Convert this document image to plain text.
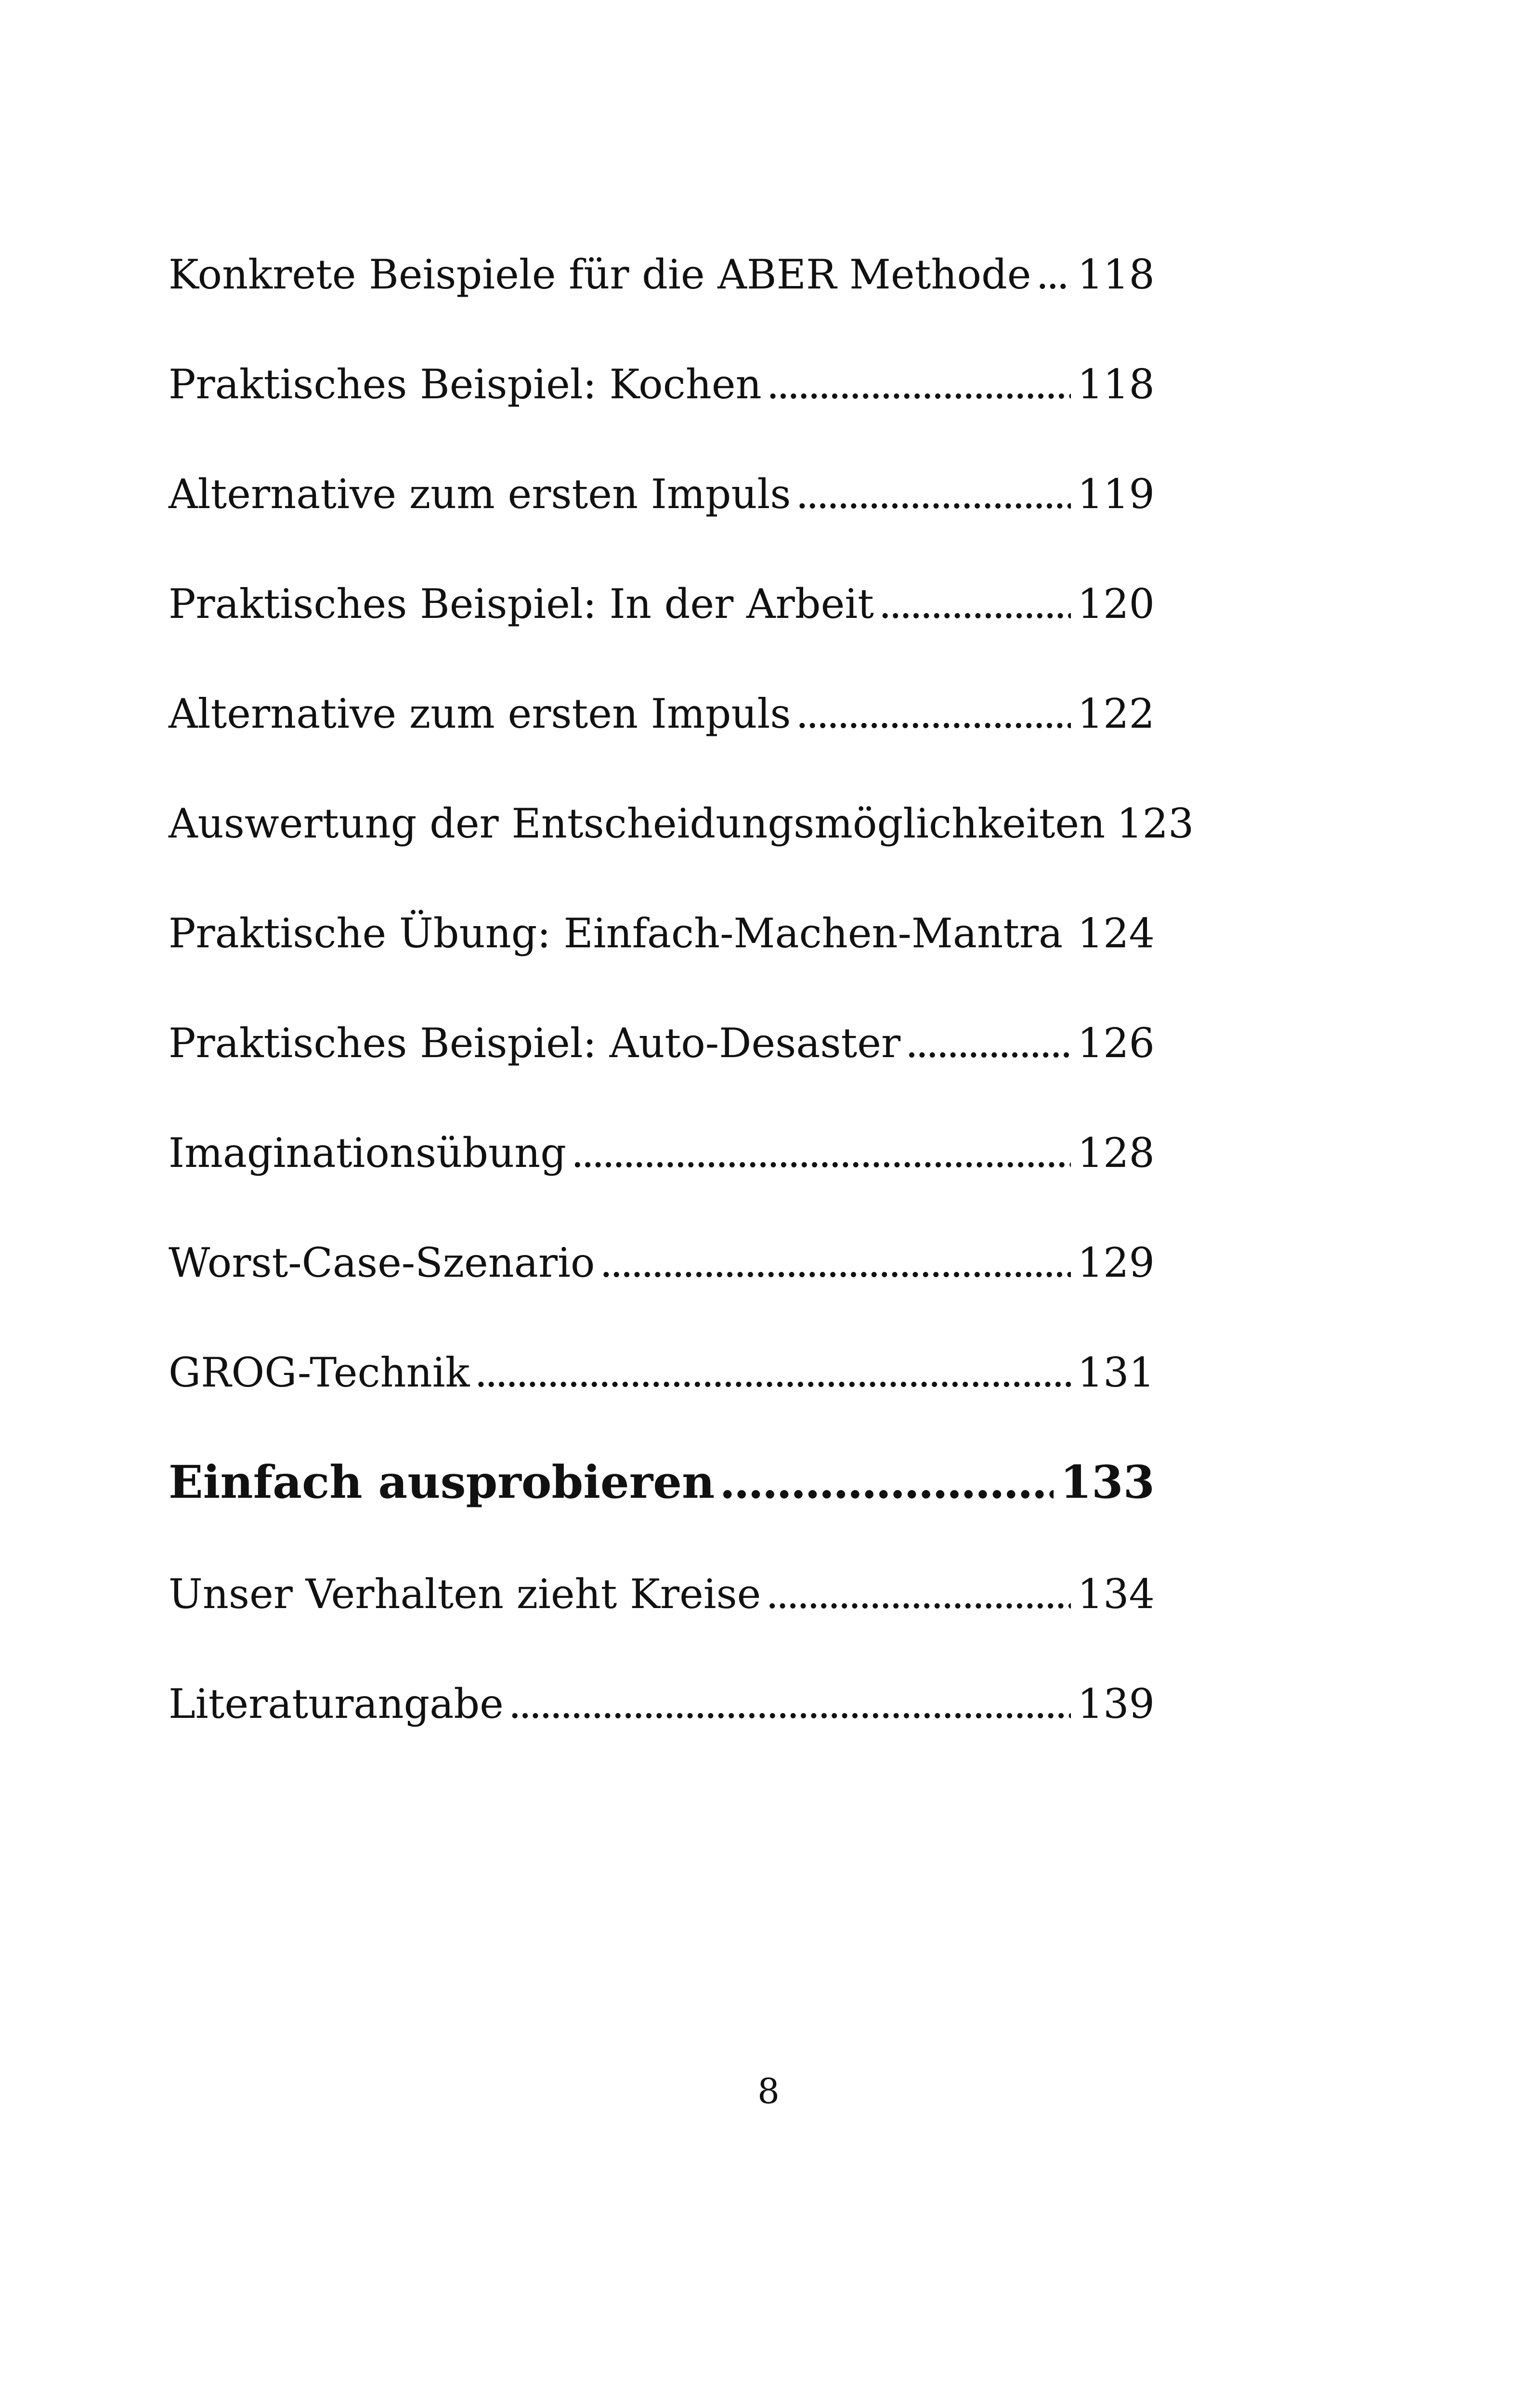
Konkrete Beispiele für die ABER Methode . . . 118
Praktisches Beispiel: Kochen . . .	118
Alternative zum ersten Impuls . . .	119
Praktisches Beispiel: In der Arbeit . . .	120
Alternative zum ersten Impuls . . .	122
Auswertung der Entscheidungsmöglichkeiten 123
Praktische Übung: Einfach-Machen-Mantra . . . 124
Praktisches Beispiel: Auto-Desaster . . .	126
Imaginationsübung . . .	128
Worst-Case-Szenario . . .	129
GROG-Technik . . .	131
Einfach ausprobieren . . .	133
Unser Verhalten zieht Kreise . . .	134
Literaturangabe . . .	139
8
